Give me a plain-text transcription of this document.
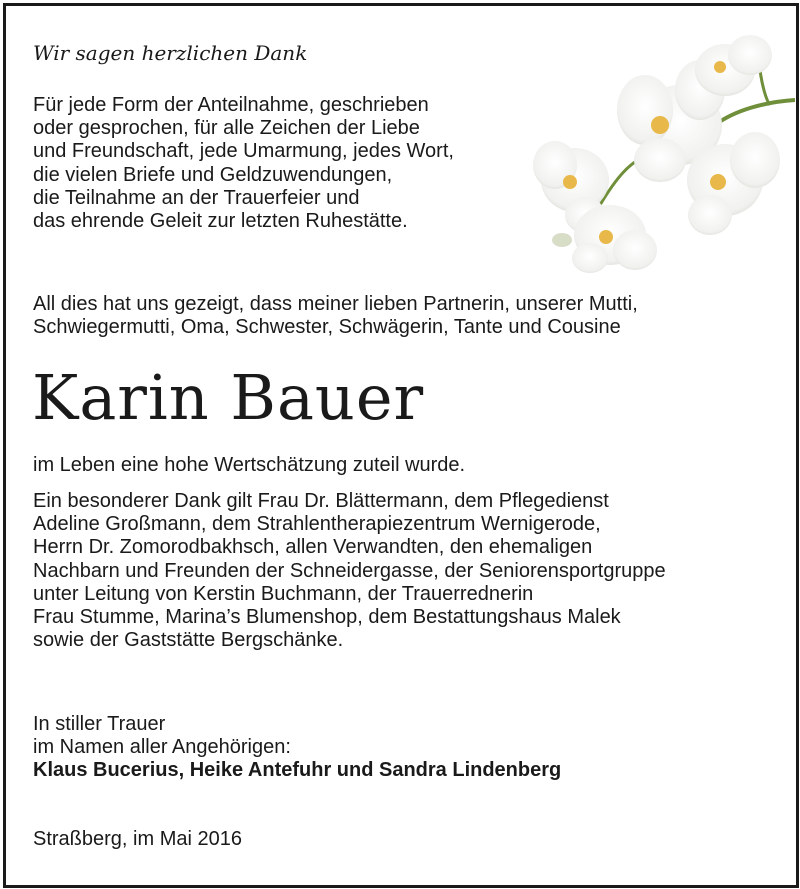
Wir sagen herzlichen Dank
Für jede Form der Anteilnahme, geschrieben
oder gesprochen, für alle Zeichen der Liebe
und Freundschaft, jede Umarmung, jedes Wort,
die vielen Briefe und Geldzuwendungen,
die Teilnahme an der Trauerfeier und
das ehrende Geleit zur letzten Ruhestätte.
All dies hat uns gezeigt, dass meiner lieben Partnerin, unserer Mutti,
Schwiegermutti, Oma, Schwester, Schwägerin, Tante und Cousine
Karin Bauer
im Leben eine hohe Wertschätzung zuteil wurde.
Ein besonderer Dank gilt Frau Dr. Blättermann, dem Pflegedienst
Adeline Großmann, dem Strahlentherapiezentrum Wernigerode,
Herrn Dr. Zomorodbakhsch, allen Verwandten, den ehemaligen
Nachbarn und Freunden der Schneidergasse, der Seniorensportgruppe
unter Leitung von Kerstin Buchmann, der Trauerrednerin
Frau Stumme, Marina’s Blumenshop, dem Bestattungshaus Malek
sowie der Gaststätte Bergschänke.
In stiller Trauer
im Namen aller Angehörigen:
Klaus Bucerius, Heike Antefuhr und Sandra Lindenberg
Straßberg, im Mai 2016
